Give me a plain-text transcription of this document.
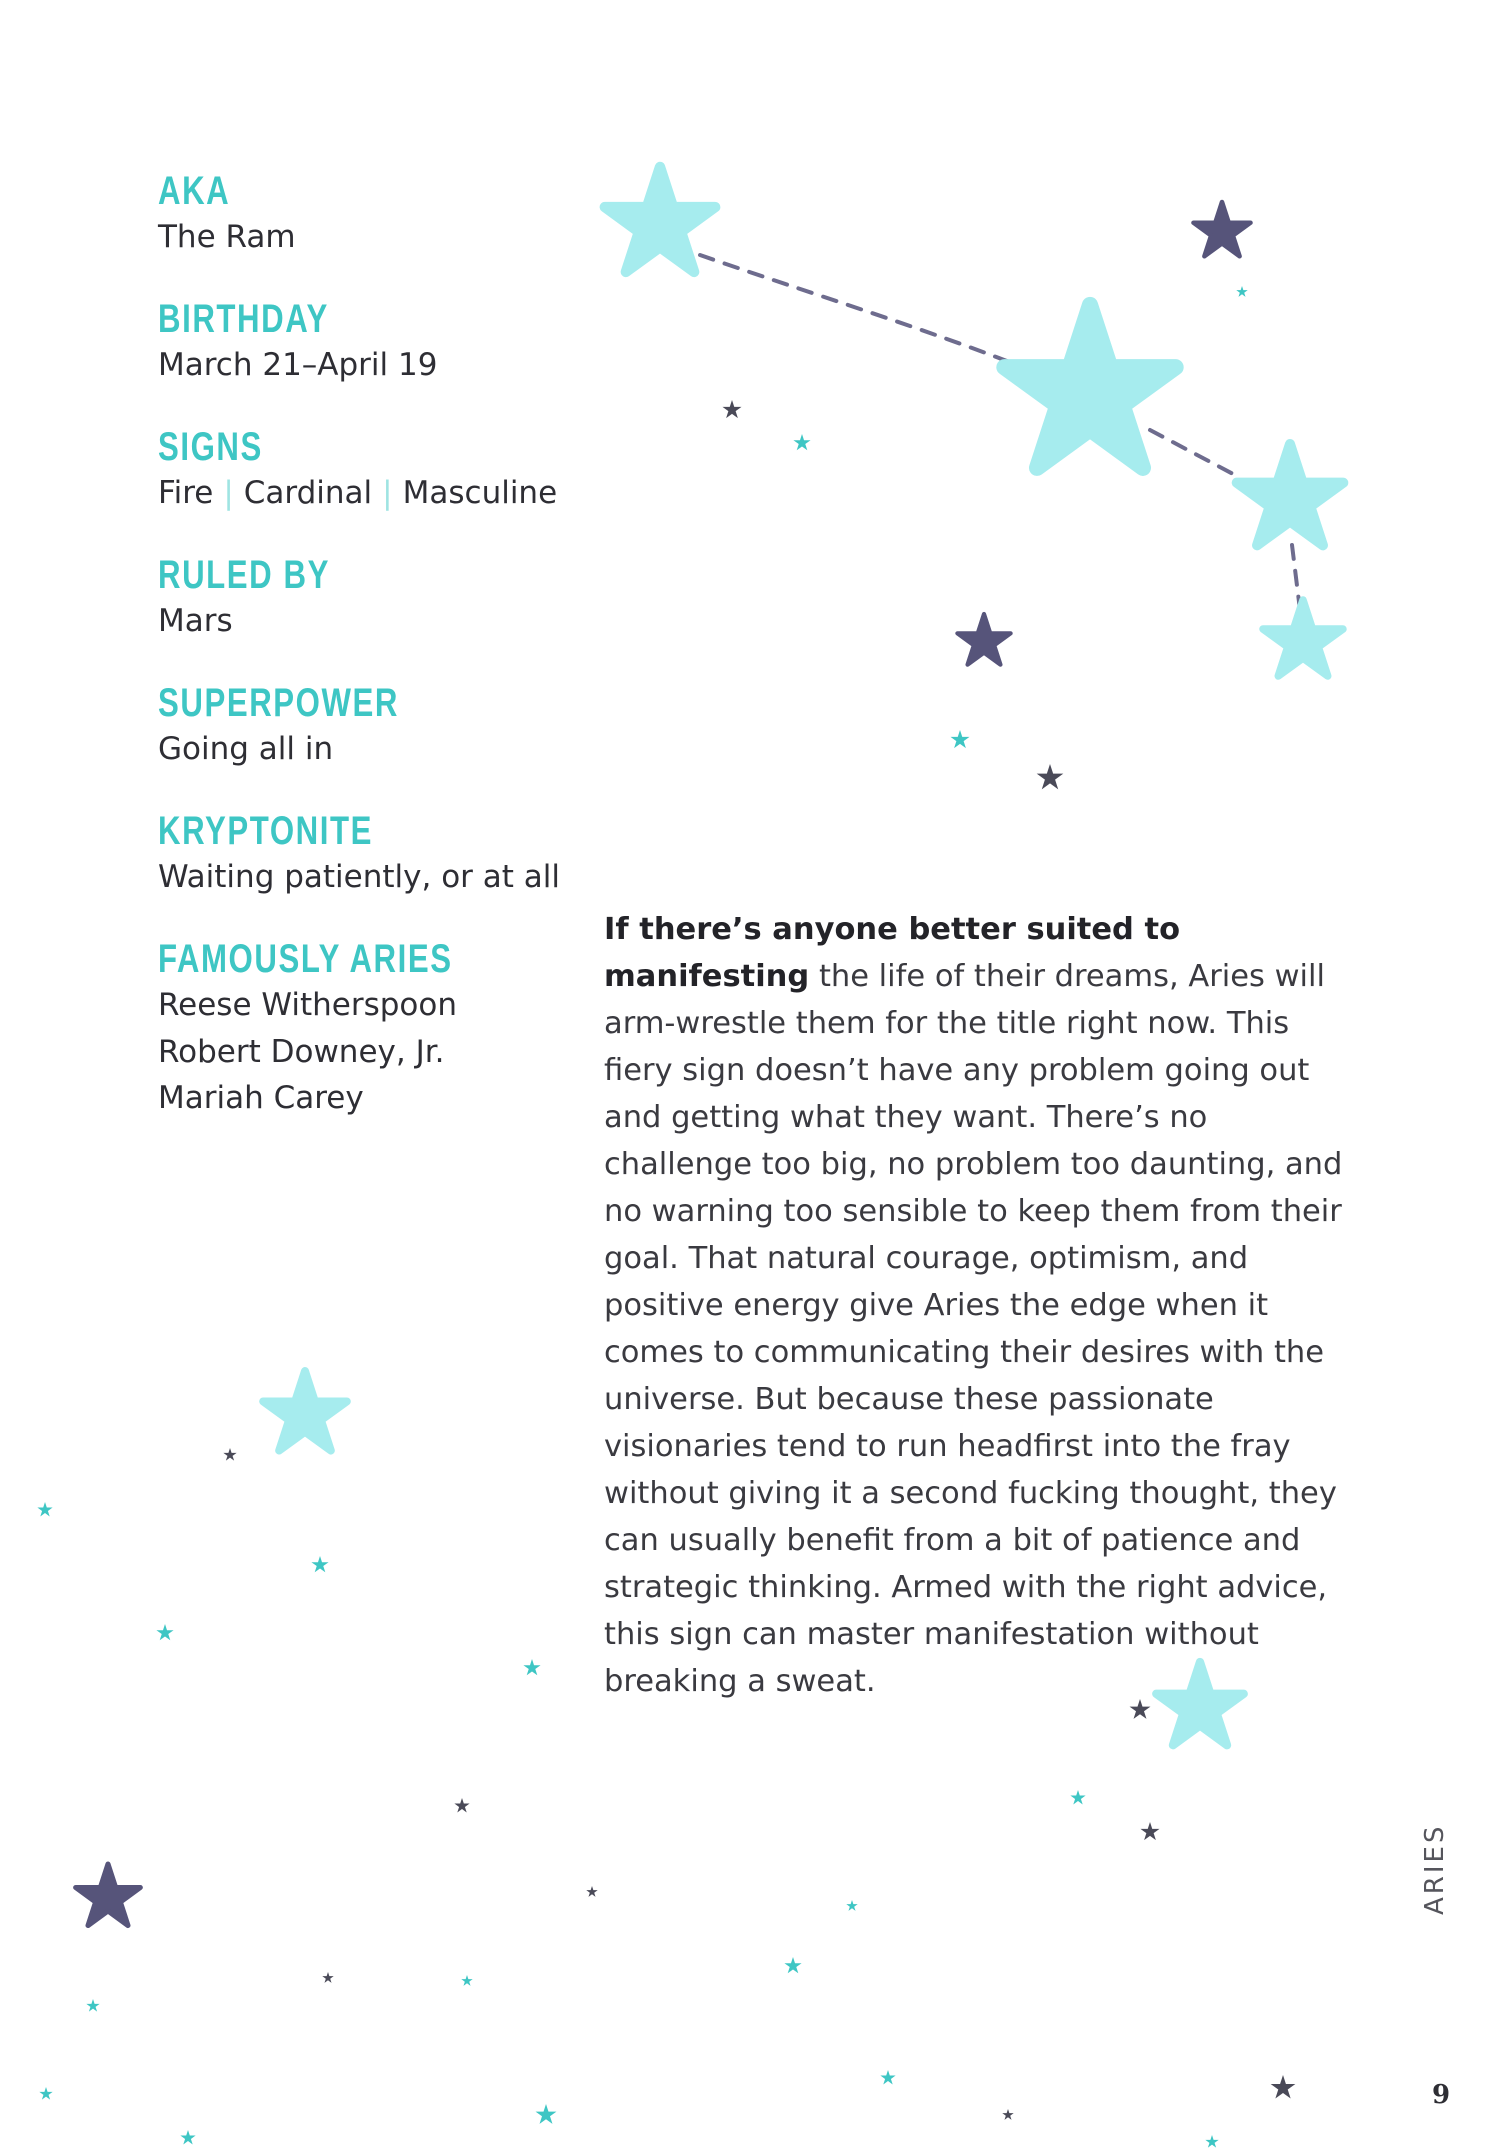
AKA
The Ram
BIRTHDAY
March 21–April 19
SIGNS
Fire | Cardinal | Masculine
RULED BY
Mars
SUPERPOWER
Going all in
KRYPTONITE
Waiting patiently, or at all
FAMOUSLY ARIES
Reese Witherspoon
Robert Downey, Jr.
Mariah Carey

If there’s anyone better suited to manifesting the life of their dreams, Aries will arm-wrestle them for the title right now. This fiery sign doesn’t have any problem going out and getting what they want. There’s no challenge too big, no problem too daunting, and no warning too sensible to keep them from their goal. That natural courage, optimism, and positive energy give Aries the edge when it comes to communicating their desires with the universe. But because these passionate visionaries tend to run headfirst into the fray without giving it a second fucking thought, they can usually benefit from a bit of patience and strategic thinking. Armed with the right advice, this sign can master manifestation without breaking a sweat.

ARIES
9
